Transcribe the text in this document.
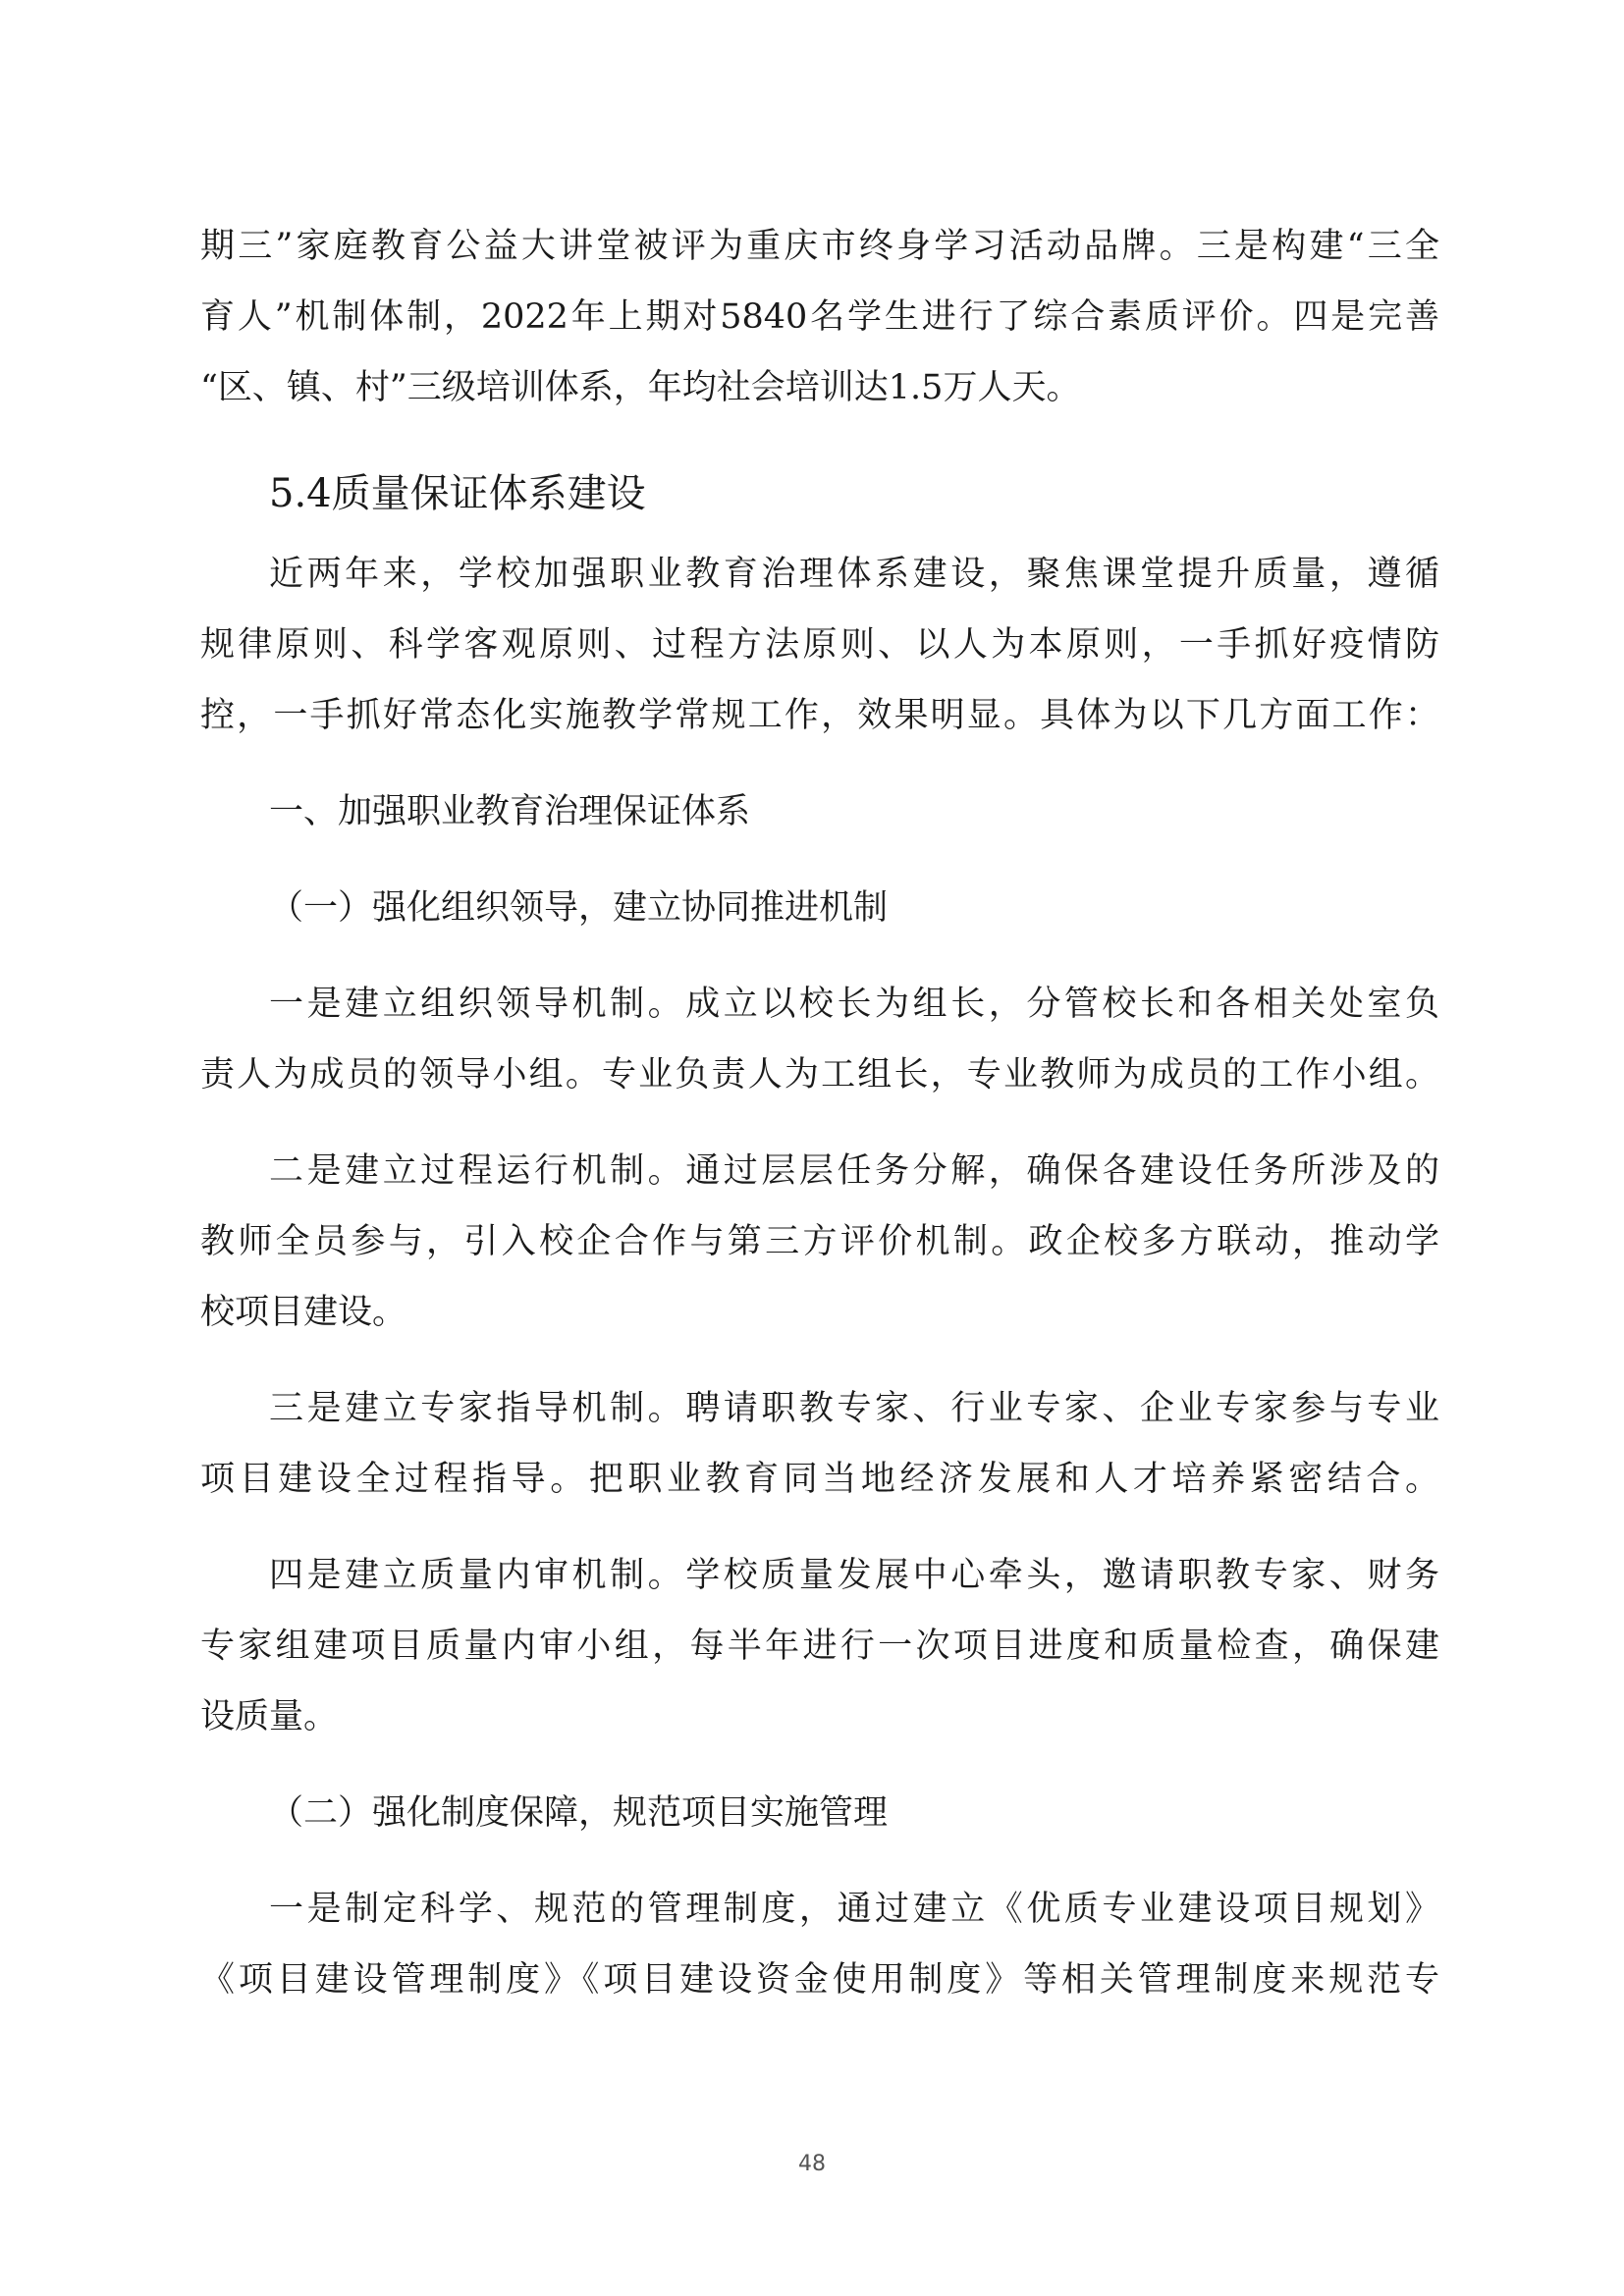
期三”家庭教育公益大讲堂被评为重庆市终身学习活动品牌。三是构建“三全
育人”机制体制，2022年上期对5840名学生进行了综合素质评价。四是完善
“区、镇、村”三级培训体系，年均社会培训达1.5万人天。
5.4质量保证体系建设
近两年来，学校加强职业教育治理体系建设，聚焦课堂提升质量，遵循
规律原则、科学客观原则、过程方法原则、以人为本原则，一手抓好疫情防
控，一手抓好常态化实施教学常规工作，效果明显。具体为以下几方面工作：
一、加强职业教育治理保证体系
（一）强化组织领导，建立协同推进机制
一是建立组织领导机制。成立以校长为组长，分管校长和各相关处室负
责人为成员的领导小组。专业负责人为工组长，专业教师为成员的工作小组。
二是建立过程运行机制。通过层层任务分解，确保各建设任务所涉及的
教师全员参与，引入校企合作与第三方评价机制。政企校多方联动，推动学
校项目建设。
三是建立专家指导机制。聘请职教专家、行业专家、企业专家参与专业
项目建设全过程指导。把职业教育同当地经济发展和人才培养紧密结合。
四是建立质量内审机制。学校质量发展中心牵头，邀请职教专家、财务
专家组建项目质量内审小组，每半年进行一次项目进度和质量检查，确保建
设质量。
（二）强化制度保障，规范项目实施管理
一是制定科学、规范的管理制度，通过建立《优质专业建设项目规划》
《项目建设管理制度》《项目建设资金使用制度》等相关管理制度来规范专
48
